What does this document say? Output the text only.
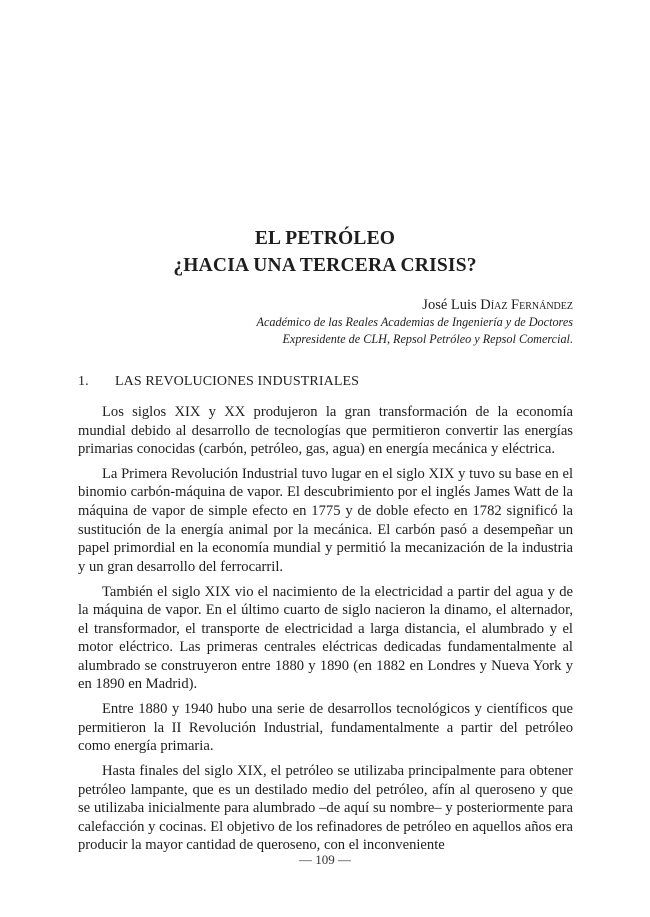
EL PETRÓLEO
¿HACIA UNA TERCERA CRISIS?
José Luis Díaz Fernández
Académico de las Reales Academias de Ingeniería y de Doctores
Expresidente de CLH, Repsol Petróleo y Repsol Comercial.
1. LAS REVOLUCIONES INDUSTRIALES

Los siglos XIX y XX produjeron la gran transformación de la economía mundial debido al desarrollo de tecnologías que permitieron convertir las energías primarias conocidas (carbón, petróleo, gas, agua) en energía mecánica y eléctrica.

La Primera Revolución Industrial tuvo lugar en el siglo XIX y tuvo su base en el binomio carbón-máquina de vapor. El descubrimiento por el inglés James Watt de la máquina de vapor de simple efecto en 1775 y de doble efecto en 1782 significó la sustitución de la energía animal por la mecánica. El carbón pasó a desempeñar un papel primordial en la economía mundial y permitió la mecanización de la industria y un gran desarrollo del ferrocarril.

También el siglo XIX vio el nacimiento de la electricidad a partir del agua y de la máquina de vapor. En el último cuarto de siglo nacieron la dinamo, el alternador, el transformador, el transporte de electricidad a larga distancia, el alumbrado y el motor eléctrico. Las primeras centrales eléctricas dedicadas fundamentalmente al alumbrado se construyeron entre 1880 y 1890 (en 1882 en Londres y Nueva York y en 1890 en Madrid).

Entre 1880 y 1940 hubo una serie de desarrollos tecnológicos y científicos que permitieron la II Revolución Industrial, fundamentalmente a partir del petróleo como energía primaria.

Hasta finales del siglo XIX, el petróleo se utilizaba principalmente para obtener petróleo lampante, que es un destilado medio del petróleo, afín al queroseno y que se utilizaba inicialmente para alumbrado –de aquí su nombre– y posteriormente para calefacción y cocinas. El objetivo de los refinadores de petróleo en aquellos años era producir la mayor cantidad de queroseno, con el inconveniente

— 109 —
